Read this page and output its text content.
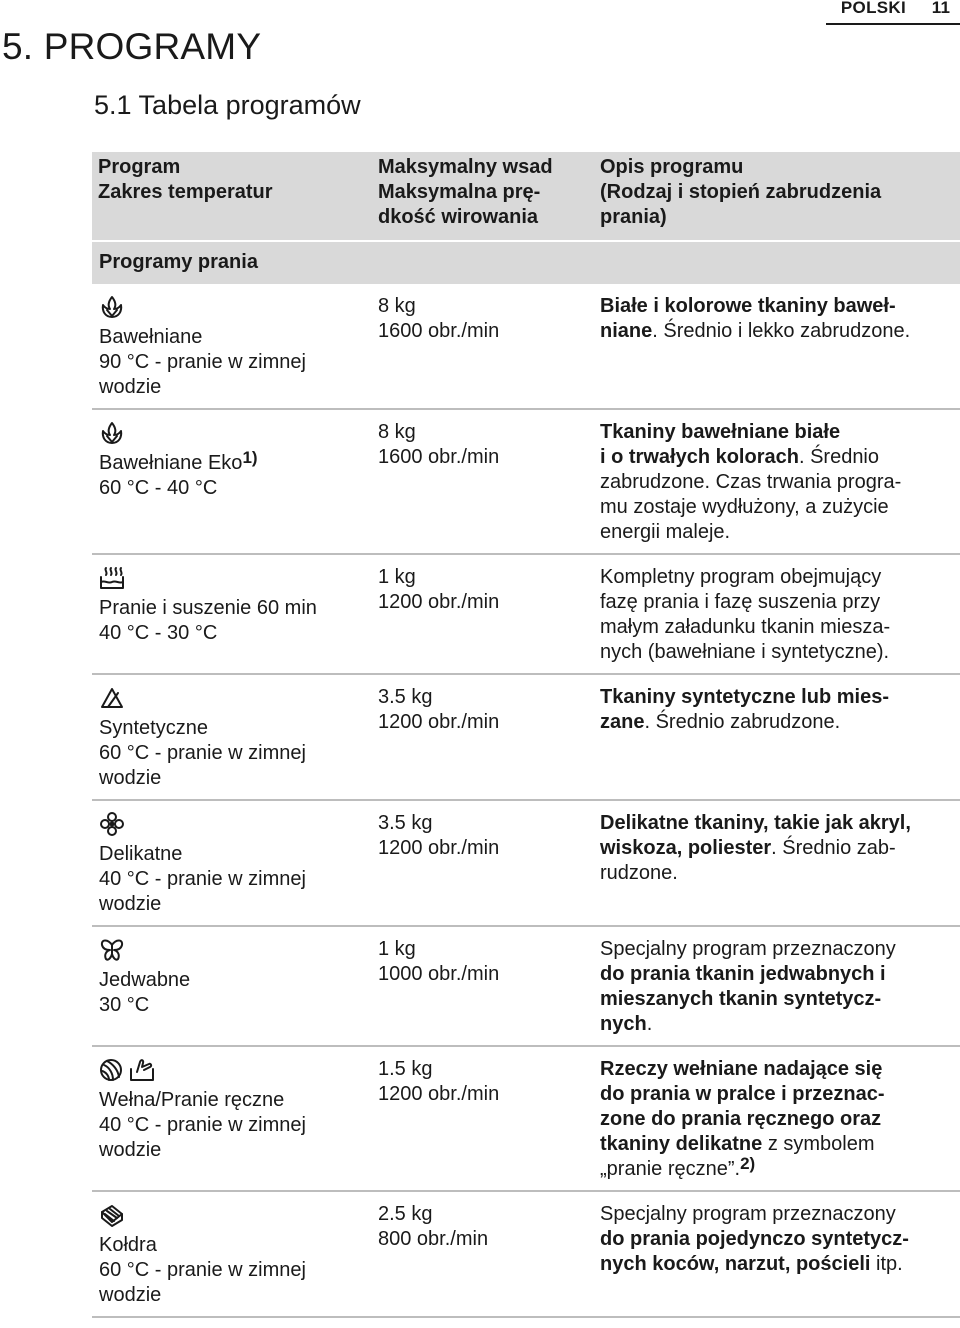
POLSKI	11
5. PROGRAMY
5.1 Tabela programów
Program
Zakres temperatur	Maksymalny wsad
Maksymalna prę-
dkość wirowania	Opis programu
(Rodzaj i stopień zabrudzenia
prania)

Programy prania		

Bawełniane
90 °C - pranie w zimnej
wodzie	8 kg
1600 obr./min	Białe i kolorowe tkaniny baweł-
niane. Średnio i lekko zabrudzone.

Bawełniane Eko$^{1)}$
60 °C - 40 °C	8 kg
1600 obr./min	Tkaniny bawełniane białe
i o trwałych kolorach. Średnio
zabrudzone. Czas trwania progra-
mu zostaje wydłużony, a zużycie
energii maleje.

Pranie i suszenie 60 min
40 °C - 30 °C	1 kg
1200 obr./min	Kompletny program obejmujący
fazę prania i fazę suszenia przy
małym załadunku tkanin miesza-
nych (bawełniane i syntetyczne).

Syntetyczne
60 °C - pranie w zimnej
wodzie	3.5 kg
1200 obr./min	Tkaniny syntetyczne lub mies-
zane. Średnio zabrudzone.

Delikatne
40 °C - pranie w zimnej
wodzie	3.5 kg
1200 obr./min	Delikatne tkaniny, takie jak akryl,
wiskoza, poliester. Średnio zab-
rudzone.

Jedwabne
30 °C	1 kg
1000 obr./min	Specjalny program przeznaczony
do prania tkanin jedwabnych i
mieszanych tkanin syntetycz-
nych.

Wełna/Pranie ręczne
40 °C - pranie w zimnej
wodzie	1.5 kg
1200 obr./min	Rzeczy wełniane nadające się
do prania w pralce i przeznac-
zone do prania ręcznego oraz
tkaniny delikatne z symbolem
„pranie ręczne”.$^{2)}$

Kołdra
60 °C - pranie w zimnej
wodzie	2.5 kg
800 obr./min	Specjalny program przeznaczony
do prania pojedynczo syntetycz-
nych koców, narzut, pościeli itp.
